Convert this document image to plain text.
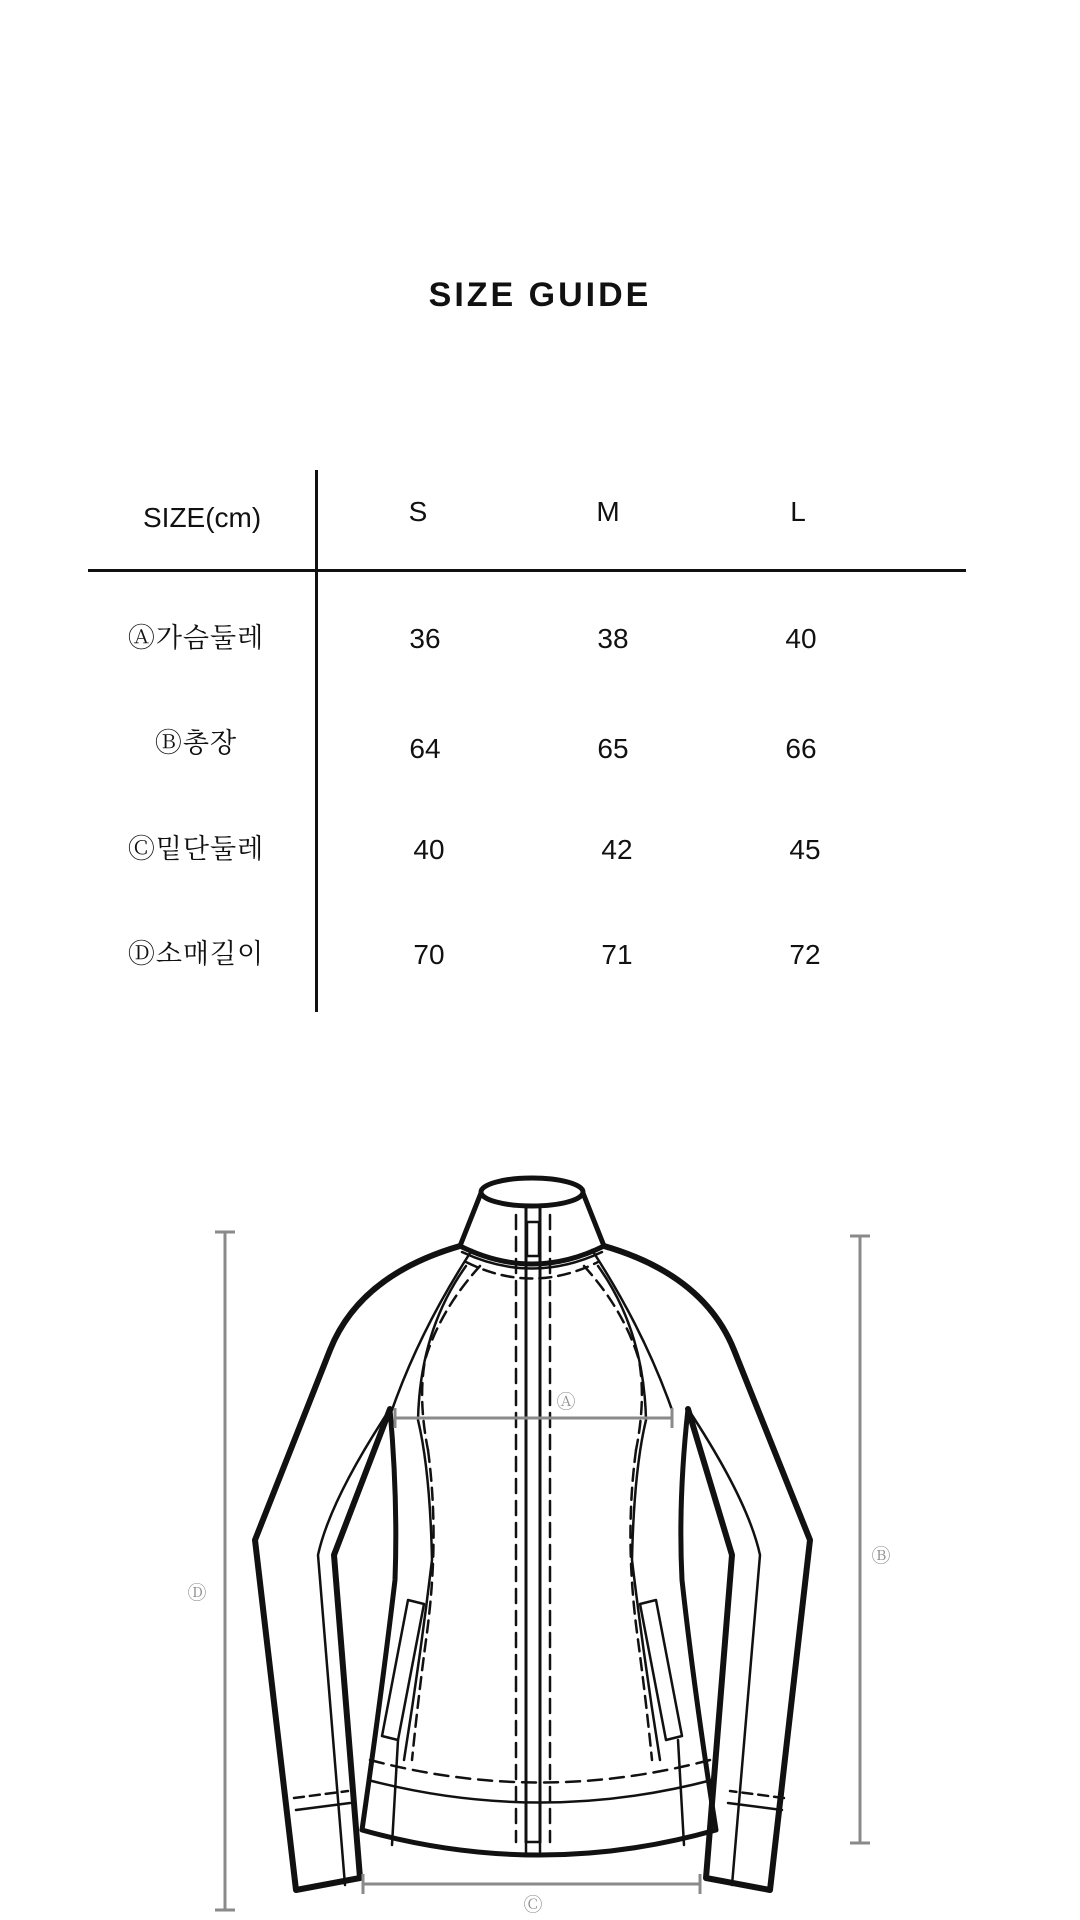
SIZE GUIDE
SIZE(cm)	S	M	L
Ⓐ가슴둘레	36	38	40
Ⓑ총장	64	65	66
Ⓒ밑단둘레	40	42	45
Ⓓ소매길이	70	71	72
Ⓐ
Ⓑ
Ⓒ
Ⓓ
